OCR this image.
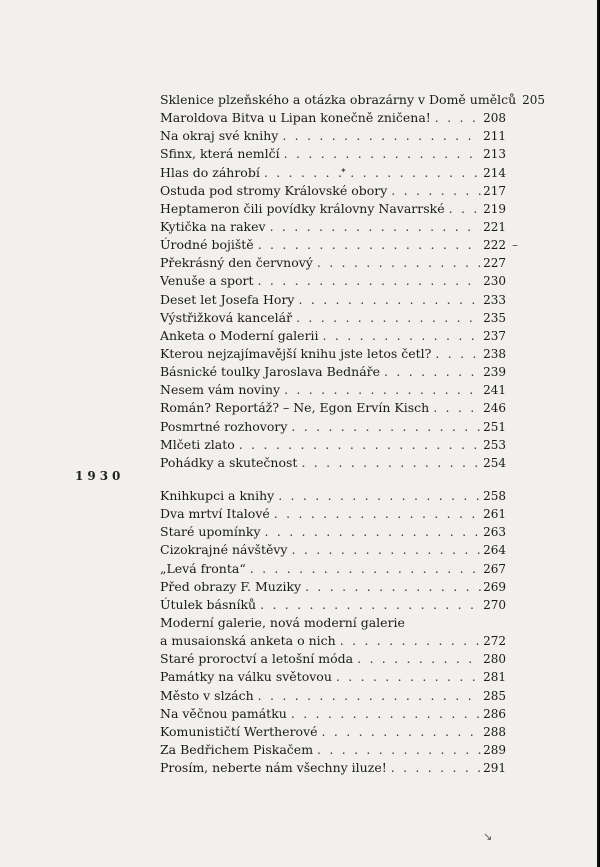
Sklenice plzeňského a otázka obrazárny v Domě umělců 205
Maroldova Bitva u Lipan konečně zničena! . . .	208
Na okraj své knihy . . .	211
Sfinx, která nemlčí . . .	213
Hlas do záhrobí . . .	214
Ostuda pod stromy Královské obory . . .	217
Heptameron čili povídky královny Navarrské . . .	219
Kytička na rakev . . .	221
Úrodné bojiště . . .	222
Překrásný den červnový . . .	227
Venuše a sport . . .	230
Deset let Josefa Hory . . .	233
Výstřižková kancelář . . .	235
Anketa o Moderní galerii . . .	237
Kterou nejzajímavější knihu jste letos četl? . . .	238
Básnické toulky Jaroslava Bednáře . . .	239
Nesem vám noviny . . .	241
Román? Reportáž? – Ne, Egon Ervín Kisch . . .	246
Posmrtné rozhovory . . .	251
Mlčeti zlato . . .	253
Pohádky a skutečnost . . .	254
1930
Knihkupci a knihy . . .	258
Dva mrtví Italové . . .	261
Staré upomínky . . .	263
Cizokrajné návštěvy . . .	264
„Levá fronta“ . . .	267
Před obrazy F. Muziky . . .	269
Útulek básníků . . .	270
Moderní galerie, nová moderní galerie
a musaionská anketa o nich . . .	272
Staré proroctví a letošní móda . . .	280
Památky na válku světovou . . .	281
Město v slzách . . .	285
Na věčnou památku . . .	286
Komunističtí Wertherové . . .	288
Za Bedřichem Piskačem . . .	289
Prosím, neberte nám všechny iluze! . . .	291
–
✦
↘
